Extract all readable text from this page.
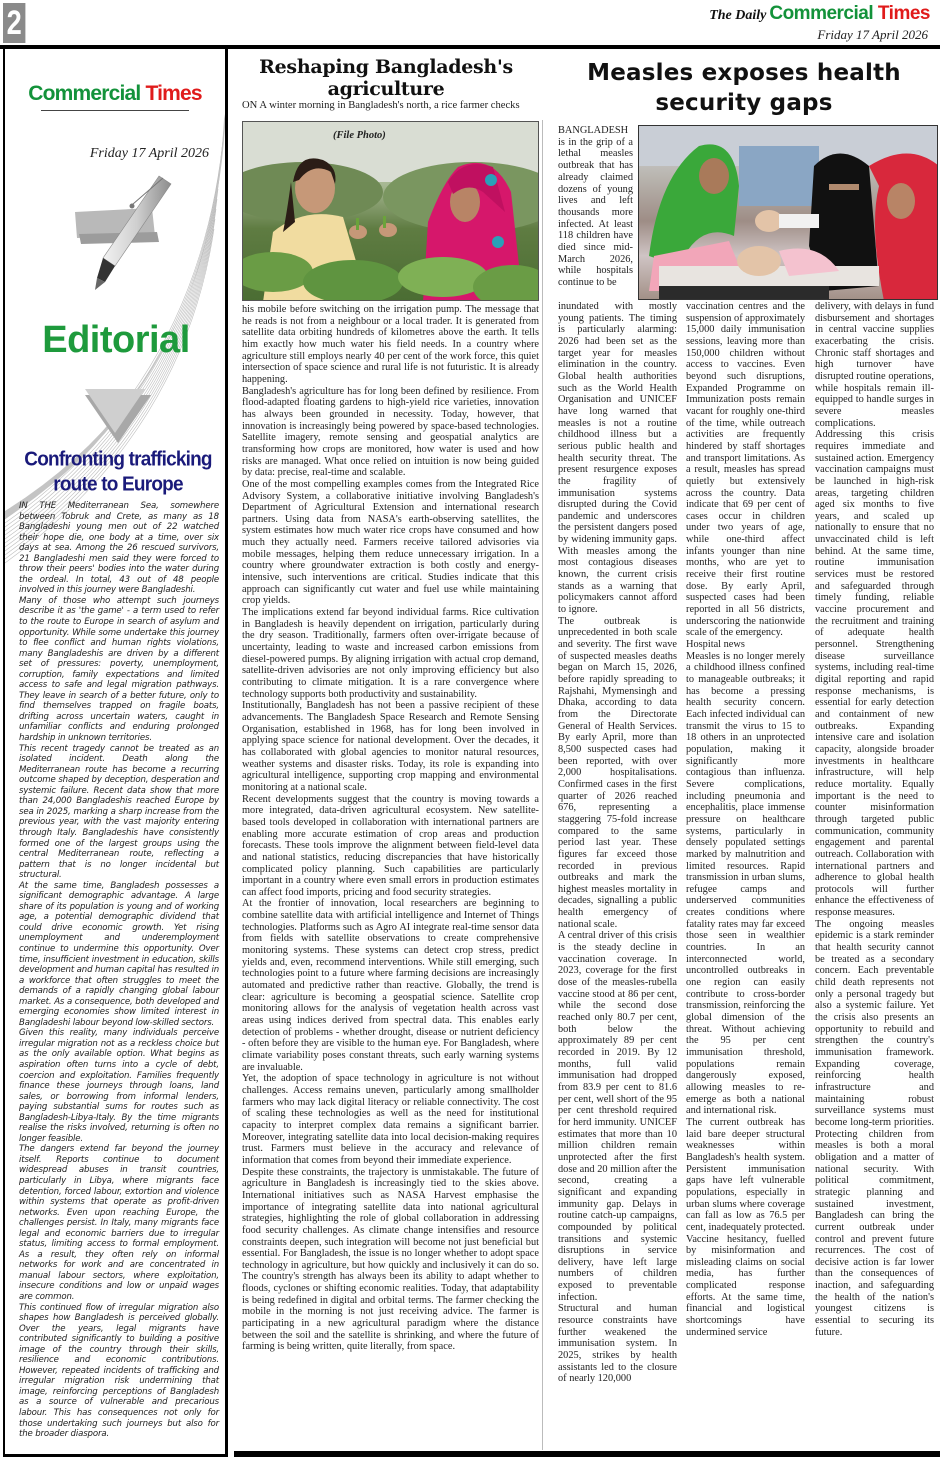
2	The Daily Commercial Times
Friday 17 April 2026
Commercial Times
Friday 17 April 2026
Editorial
Confronting trafficking route to Europe

IN THE Mediterranean Sea, somewhere between Tobruk and Crete, as many as 18 Bangladeshi young men out of 22 watched their hope die, one body at a time, over six days at sea. Among the 26 rescued survivors, 21 Bangladeshi men said they were forced to throw their peers' bodies into the water during the ordeal. In total, 43 out of 48 people involved in this journey were Bangladeshi.

Many of those who attempt such journeys describe it as 'the game' - a term used to refer to the route to Europe in search of asylum and opportunity. While some undertake this journey to flee conflict and human rights violations, many Bangladeshis are driven by a different set of pressures: poverty, unemployment, corruption, family expectations and limited access to safe and legal migration pathways. They leave in search of a better future, only to find themselves trapped on fragile boats, drifting across uncertain waters, caught in unfamiliar conflicts and enduring prolonged hardship in unknown territories.

This recent tragedy cannot be treated as an isolated incident. Death along the Mediterranean route has become a recurring outcome shaped by deception, desperation and systemic failure. Recent data show that more than 24,000 Bangladeshis reached Europe by sea in 2025, marking a sharp increase from the previous year, with the vast majority entering through Italy. Bangladeshis have consistently formed one of the largest groups using the central Mediterranean route, reflecting a pattern that is no longer incidental but structural.

At the same time, Bangladesh possesses a significant demographic advantage. A large share of its population is young and of working age, a potential demographic dividend that could drive economic growth. Yet rising unemployment and underemployment continue to undermine this opportunity. Over time, insufficient investment in education, skills development and human capital has resulted in a workforce that often struggles to meet the demands of a rapidly changing global labour market. As a consequence, both developed and emerging economies show limited interest in Bangladeshi labour beyond low-skilled sectors.

Given this reality, many individuals perceive irregular migration not as a reckless choice but as the only available option. What begins as aspiration often turns into a cycle of debt, coercion and exploitation. Families frequently finance these journeys through loans, land sales, or borrowing from informal lenders, paying substantial sums for routes such as Bangladesh-Libya-Italy. By the time migrants realise the risks involved, returning is often no longer feasible.

The dangers extend far beyond the journey itself. Reports continue to document widespread abuses in transit countries, particularly in Libya, where migrants face detention, forced labour, extortion and violence within systems that operate as profit-driven networks. Even upon reaching Europe, the challenges persist. In Italy, many migrants face legal and economic barriers due to irregular status, limiting access to formal employment. As a result, they often rely on informal networks for work and are concentrated in manual labour sectors, where exploitation, insecure conditions and low or unpaid wages are common.

This continued flow of irregular migration also shapes how Bangladesh is perceived globally. Over the years, legal migrants have contributed significantly to building a positive image of the country through their skills, resilience and economic contributions. However, repeated incidents of trafficking and irregular migration risk undermining that image, reinforcing perceptions of Bangladesh as a source of vulnerable and precarious labour. This has consequences not only for those undertaking such journeys but also for the broader diaspora.

Reshaping Bangladesh's agriculture
ON A winter morning in Bangladesh's north, a rice farmer checks
(File Photo)

his mobile before switching on the irrigation pump. The message that he reads is not from a neighbour or a local trader. It is generated from satellite data orbiting hundreds of kilometres above the earth. It tells him exactly how much water his field needs. In a country where agriculture still employs nearly 40 per cent of the work force, this quiet intersection of space science and rural life is not futuristic. It is already happening.

Bangladesh's agriculture has for long been defined by resilience. From flood-adapted floating gardens to high-yield rice varieties, innovation has always been grounded in necessity. Today, however, that innovation is increasingly being powered by space-based technologies. Satellite imagery, remote sensing and geospatial analytics are transforming how crops are monitored, how water is used and how risks are managed. What once relied on intuition is now being guided by data: precise, real-time and scalable.

One of the most compelling examples comes from the Integrated Rice Advisory System, a collaborative initiative involving Bangladesh's Department of Agricultural Extension and international research partners. Using data from NASA's earth-observing satellites, the system estimates how much water rice crops have consumed and how much they actually need. Farmers receive tailored advisories via mobile messages, helping them reduce unnecessary irrigation. In a country where groundwater extraction is both costly and energy-intensive, such interventions are critical. Studies indicate that this approach can significantly cut water and fuel use while maintaining crop yields.

The implications extend far beyond individual farms. Rice cultivation in Bangladesh is heavily dependent on irrigation, particularly during the dry season. Traditionally, farmers often over-irrigate because of uncertainty, leading to waste and increased carbon emissions from diesel-powered pumps. By aligning irrigation with actual crop demand, satellite-driven advisories are not only improving efficiency but also contributing to climate mitigation. It is a rare convergence where technology supports both productivity and sustainability.

Institutionally, Bangladesh has not been a passive recipient of these advancements. The Bangladesh Space Research and Remote Sensing Organisation, established in 1968, has for long been involved in applying space science for national development. Over the decades, it has collaborated with global agencies to monitor natural resources, weather systems and disaster risks. Today, its role is expanding into agricultural intelligence, supporting crop mapping and environmental monitoring at a national scale.

Recent developments suggest that the country is moving towards a more integrated, data-driven agricultural ecosystem. New satellite-based tools developed in collaboration with international partners are enabling more accurate estimation of crop areas and production forecasts. These tools improve the alignment between field-level data and national statistics, reducing discrepancies that have historically complicated policy planning. Such capabilities are particularly important in a country where even small errors in production estimates can affect food imports, pricing and food security strategies.

At the frontier of innovation, local researchers are beginning to combine satellite data with artificial intelligence and Internet of Things technologies. Platforms such as Agro AI integrate real-time sensor data from fields with satellite observations to create comprehensive monitoring systems. These systems can detect crop stress, predict yields and, even, recommend interventions. While still emerging, such technologies point to a future where farming decisions are increasingly automated and predictive rather than reactive. Globally, the trend is clear: agriculture is becoming a geospatial science. Satellite crop monitoring allows for the analysis of vegetation health across vast areas using indices derived from spectral data. This enables early detection of problems - whether drought, disease or nutrient deficiency - often before they are visible to the human eye. For Bangladesh, where climate variability poses constant threats, such early warning systems are invaluable.

Yet, the adoption of space technology in agriculture is not without challenges. Access remains uneven, particularly among smallholder farmers who may lack digital literacy or reliable connectivity. The cost of scaling these technologies as well as the need for institutional capacity to interpret complex data remains a significant barrier. Moreover, integrating satellite data into local decision-making requires trust. Farmers must believe in the accuracy and relevance of information that comes from beyond their immediate experience.

Despite these constraints, the trajectory is unmistakable. The future of agriculture in Bangladesh is increasingly tied to the skies above. International initiatives such as NASA Harvest emphasise the importance of integrating satellite data into national agricultural strategies, highlighting the role of global collaboration in addressing food security challenges. As climate change intensifies and resource constraints deepen, such integration will become not just beneficial but essential. For Bangladesh, the issue is no longer whether to adopt space technology in agriculture, but how quickly and inclusively it can do so. The country's strength has always been its ability to adapt whether to floods, cyclones or shifting economic realities. Today, that adaptability is being redefined in digital and orbital terms. The farmer checking the mobile in the morning is not just receiving advice. The farmer is participating in a new agricultural paradigm where the distance between the soil and the satellite is shrinking, and where the future of farming is being written, quite literally, from space.

Measles exposes health security gaps
BANGLADESH is in the grip of a lethal measles outbreak that has already claimed dozens of young lives and left thousands more infected. At least 118 children have died since mid-March 2026, while hospitals continue to be

inundated with mostly young patients. The timing is particularly alarming: 2026 had been set as the target year for measles elimination in the country. Global health authorities such as the World Health Organisation and UNICEF have long warned that measles is not a routine childhood illness but a serious public health and health security threat. The present resurgence exposes the fragility of immunisation systems disrupted during the Covid pandemic and underscores the persistent dangers posed by widening immunity gaps. With measles among the most contagious diseases known, the current crisis stands as a warning that policymakers cannot afford to ignore.

The outbreak is unprecedented in both scale and severity. The first wave of suspected measles deaths began on March 15, 2026, before rapidly spreading to Rajshahi, Mymensingh and Dhaka, according to data from the Directorate General of Health Services. By early April, more than 8,500 suspected cases had been reported, with over 2,000 hospitalisations. Confirmed cases in the first quarter of 2026 reached 676, representing a staggering 75-fold increase compared to the same period last year. These figures far exceed those recorded in previous outbreaks and mark the highest measles mortality in decades, signalling a public health emergency of national scale.

A central driver of this crisis is the steady decline in vaccination coverage. In 2023, coverage for the first dose of the measles-rubella vaccine stood at 86 per cent, while the second dose reached only 80.7 per cent, both below the approximately 89 per cent recorded in 2019. By 12 months, full valid immunisation had dropped from 83.9 per cent to 81.6 per cent, well short of the 95 per cent threshold required for herd immunity. UNICEF estimates that more than 10 million children remain unprotected after the first dose and 20 million after the second, creating a significant and expanding immunity gap. Delays in routine catch-up campaigns, compounded by political transitions and systemic disruptions in service delivery, have left large numbers of children exposed to preventable infection.

Structural and human resource constraints have further weakened the immunisation system. In 2025, strikes by health assistants led to the closure of nearly 120,000

vaccination centres and the suspension of approximately 15,000 daily immunisation sessions, leaving more than 150,000 children without access to vaccines. Even beyond such disruptions, Expanded Programme on Immunization posts remain vacant for roughly one-third of the time, while outreach activities are frequently hindered by staff shortages and transport limitations. As a result, measles has spread quietly but extensively across the country. Data indicate that 69 per cent of cases occur in children under two years of age, while one-third affect infants younger than nine months, who are yet to receive their first routine dose. By early April, suspected cases had been reported in all 56 districts, underscoring the nationwide scale of the emergency.

Hospital news

Measles is no longer merely a childhood illness confined to manageable outbreaks; it has become a pressing health security concern. Each infected individual can transmit the virus to 15 to 18 others in an unprotected population, making it significantly more contagious than influenza. Severe complications, including pneumonia and encephalitis, place immense pressure on healthcare systems, particularly in densely populated settings marked by malnutrition and limited resources. Rapid transmission in urban slums, refugee camps and underserved communities creates conditions where fatality rates may far exceed those seen in wealthier countries. In an interconnected world, uncontrolled outbreaks in one region can easily contribute to cross-border transmission, reinforcing the global dimension of the threat. Without achieving the 95 per cent immunisation threshold, populations remain dangerously exposed, allowing measles to re-emerge as both a national and international risk.

The current outbreak has laid bare deeper structural weaknesses within Bangladesh's health system. Persistent immunisation gaps have left vulnerable populations, especially in urban slums where coverage can fall as low as 76.5 per cent, inadequately protected. Vaccine hesitancy, fuelled by misinformation and misleading claims on social media, has further complicated response efforts. At the same time, financial and logistical shortcomings have undermined service

delivery, with delays in fund disbursement and shortages in central vaccine supplies exacerbating the crisis. Chronic staff shortages and high turnover have disrupted routine operations, while hospitals remain ill-equipped to handle surges in severe measles complications.

Addressing this crisis requires immediate and sustained action. Emergency vaccination campaigns must be launched in high-risk areas, targeting children aged six months to five years, and scaled up nationally to ensure that no unvaccinated child is left behind. At the same time, routine immunisation services must be restored and safeguarded through timely funding, reliable vaccine procurement and the recruitment and training of adequate health personnel. Strengthening disease surveillance systems, including real-time digital reporting and rapid response mechanisms, is essential for early detection and containment of new outbreaks. Expanding intensive care and isolation capacity, alongside broader investments in healthcare infrastructure, will help reduce mortality. Equally important is the need to counter misinformation through targeted public communication, community engagement and parental outreach. Collaboration with international partners and adherence to global health protocols will further enhance the effectiveness of response measures.

The ongoing measles epidemic is a stark reminder that health security cannot be treated as a secondary concern. Each preventable child death represents not only a personal tragedy but also a systemic failure. Yet the crisis also presents an opportunity to rebuild and strengthen the country's immunisation framework. Expanding coverage, reinforcing health infrastructure and maintaining robust surveillance systems must become long-term priorities. Protecting children from measles is both a moral obligation and a matter of national security. With political commitment, strategic planning and sustained investment, Bangladesh can bring the current outbreak under control and prevent future recurrences. The cost of decisive action is far lower than the consequences of inaction, and safeguarding the health of the nation's youngest citizens is essential to securing its future.
